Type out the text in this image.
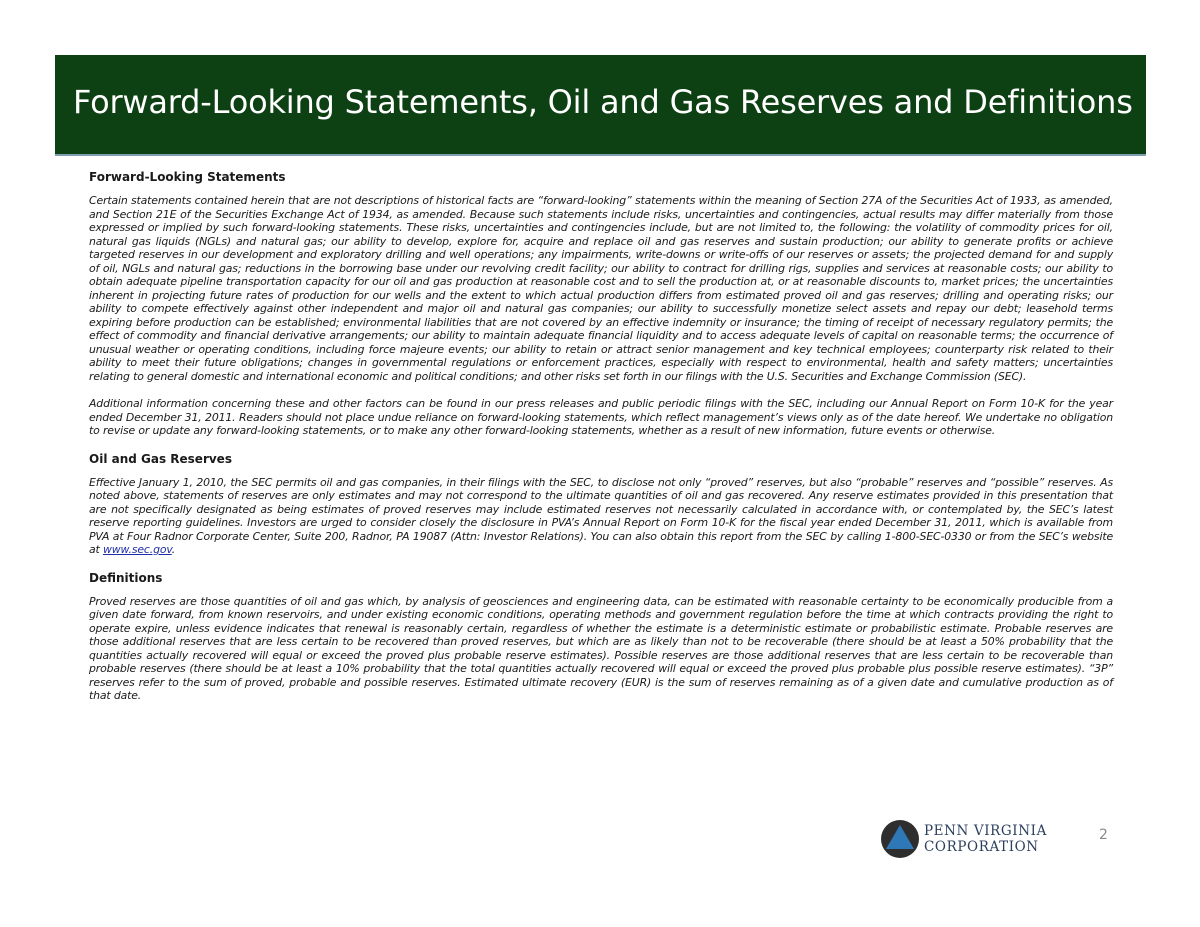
Forward-Looking Statements, Oil and Gas Reserves and Definitions

Forward-Looking Statements

Certain statements contained herein that are not descriptions of historical facts are “forward-looking” statements within the meaning of Section 27A of the Securities Act of 1933, as amended, and Section 21E of the Securities Exchange Act of 1934, as amended. Because such statements include risks, uncertainties and contingencies, actual results may differ materially from those expressed or implied by such forward-looking statements. These risks, uncertainties and contingencies include, but are not limited to, the following: the volatility of commodity prices for oil, natural gas liquids (NGLs) and natural gas; our ability to develop, explore for, acquire and replace oil and gas reserves and sustain production; our ability to generate profits or achieve targeted reserves in our development and exploratory drilling and well operations; any impairments, write-downs or write-offs of our reserves or assets; the projected demand for and supply of oil, NGLs and natural gas; reductions in the borrowing base under our revolving credit facility; our ability to contract for drilling rigs, supplies and services at reasonable costs; our ability to obtain adequate pipeline transportation capacity for our oil and gas production at reasonable cost and to sell the production at, or at reasonable discounts to, market prices; the uncertainties inherent in projecting future rates of production for our wells and the extent to which actual production differs from estimated proved oil and gas reserves; drilling and operating risks; our ability to compete effectively against other independent and major oil and natural gas companies; our ability to successfully monetize select assets and repay our debt; leasehold terms expiring before production can be established; environmental liabilities that are not covered by an effective indemnity or insurance; the timing of receipt of necessary regulatory permits; the effect of commodity and financial derivative arrangements; our ability to maintain adequate financial liquidity and to access adequate levels of capital on reasonable terms; the occurrence of unusual weather or operating conditions, including force majeure events; our ability to retain or attract senior management and key technical employees; counterparty risk related to their ability to meet their future obligations; changes in governmental regulations or enforcement practices, especially with respect to environmental, health and safety matters; uncertainties relating to general domestic and international economic and political conditions; and other risks set forth in our filings with the U.S. Securities and Exchange Commission (SEC).

Additional information concerning these and other factors can be found in our press releases and public periodic filings with the SEC, including our Annual Report on Form 10-K for the year ended December 31, 2011. Readers should not place undue reliance on forward-looking statements, which reflect management’s views only as of the date hereof. We undertake no obligation to revise or update any forward-looking statements, or to make any other forward-looking statements, whether as a result of new information, future events or otherwise.

Oil and Gas Reserves

Effective January 1, 2010, the SEC permits oil and gas companies, in their filings with the SEC, to disclose not only “proved” reserves, but also “probable” reserves and “possible” reserves. As noted above, statements of reserves are only estimates and may not correspond to the ultimate quantities of oil and gas recovered. Any reserve estimates provided in this presentation that are not specifically designated as being estimates of proved reserves may include estimated reserves not necessarily calculated in accordance with, or contemplated by, the SEC’s latest reserve reporting guidelines. Investors are urged to consider closely the disclosure in PVA’s Annual Report on Form 10-K for the fiscal year ended December 31, 2011, which is available from PVA at Four Radnor Corporate Center, Suite 200, Radnor, PA 19087 (Attn: Investor Relations). You can also obtain this report from the SEC by calling 1-800-SEC-0330 or from the SEC’s website at www.sec.gov.

Definitions

Proved reserves are those quantities of oil and gas which, by analysis of geosciences and engineering data, can be estimated with reasonable certainty to be economically producible from a given date forward, from known reservoirs, and under existing economic conditions, operating methods and government regulation before the time at which contracts providing the right to operate expire, unless evidence indicates that renewal is reasonably certain, regardless of whether the estimate is a deterministic estimate or probabilistic estimate. Probable reserves are those additional reserves that are less certain to be recovered than proved reserves, but which are as likely than not to be recoverable (there should be at least a 50% probability that the quantities actually recovered will equal or exceed the proved plus probable reserve estimates). Possible reserves are those additional reserves that are less certain to be recoverable than probable reserves (there should be at least a 10% probability that the total quantities actually recovered will equal or exceed the proved plus probable plus possible reserve estimates). “3P” reserves refer to the sum of proved, probable and possible reserves. Estimated ultimate recovery (EUR) is the sum of reserves remaining as of a given date and cumulative production as of that date.

PENN VIRGINIA
CORPORATION
2
